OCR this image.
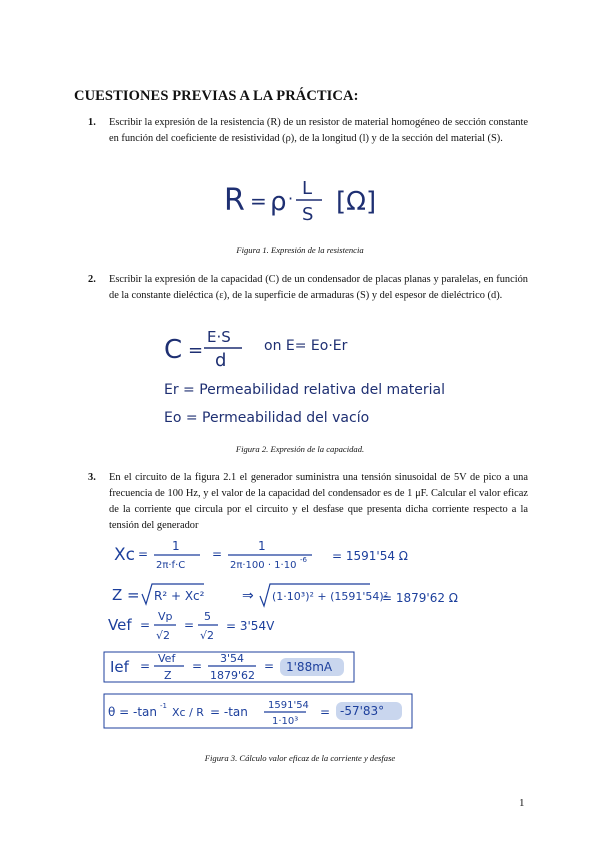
CUESTIONES PREVIAS A LA PRÁCTICA:
1. Escribir la expresión de la resistencia (R) de un resistor de material homogéneo de sección constante en función del coeficiente de resistividad (ρ), de la longitud (l) y de la sección del material (S).
R = ρ · L
S [Ω]
Figura 1. Expresión de la resistencia
2. Escribir la expresión de la capacidad (C) de un condensador de placas planas y paralelas, en función de la constante dieléctica (ε), de la superficie de armaduras (S) y del espesor de dieléctrico (d).
C =
E·S
d
on E= Eo·Er
Er = Permeabilidad relativa del material
Eo = Permeabilidad del vacío
Figura 2. Expresión de la capacidad.
3. En el circuito de la figura 2.1 el generador suministra una tensión sinusoidal de 5V de pico a una frecuencia de 100 Hz, y el valor de la capacidad del condensador es de 1 μF. Calcular el valor eficaz de la corriente que circula por el circuito y el desfase que presenta dicha corriente respecto a la tensión del generador
Xc =
1
2π·f·C
=
1
2π·100 · 1·10 -6 = 1591'54 Ω
Z = R² + Xc²	⇒ (1·10³)² + (1591'54)²
= 1879'62 Ω
Vef =
Vp
√2
=
5
√2
= 3'54V
Ief =
Vef
Z
=
3'54
1879'62
= 1'88mA
θ = -tan -1 Xc / R = -tan 1591'54
1·10³
= -57'83°
Figura 3. Cálculo valor eficaz de la corriente y desfase
1
